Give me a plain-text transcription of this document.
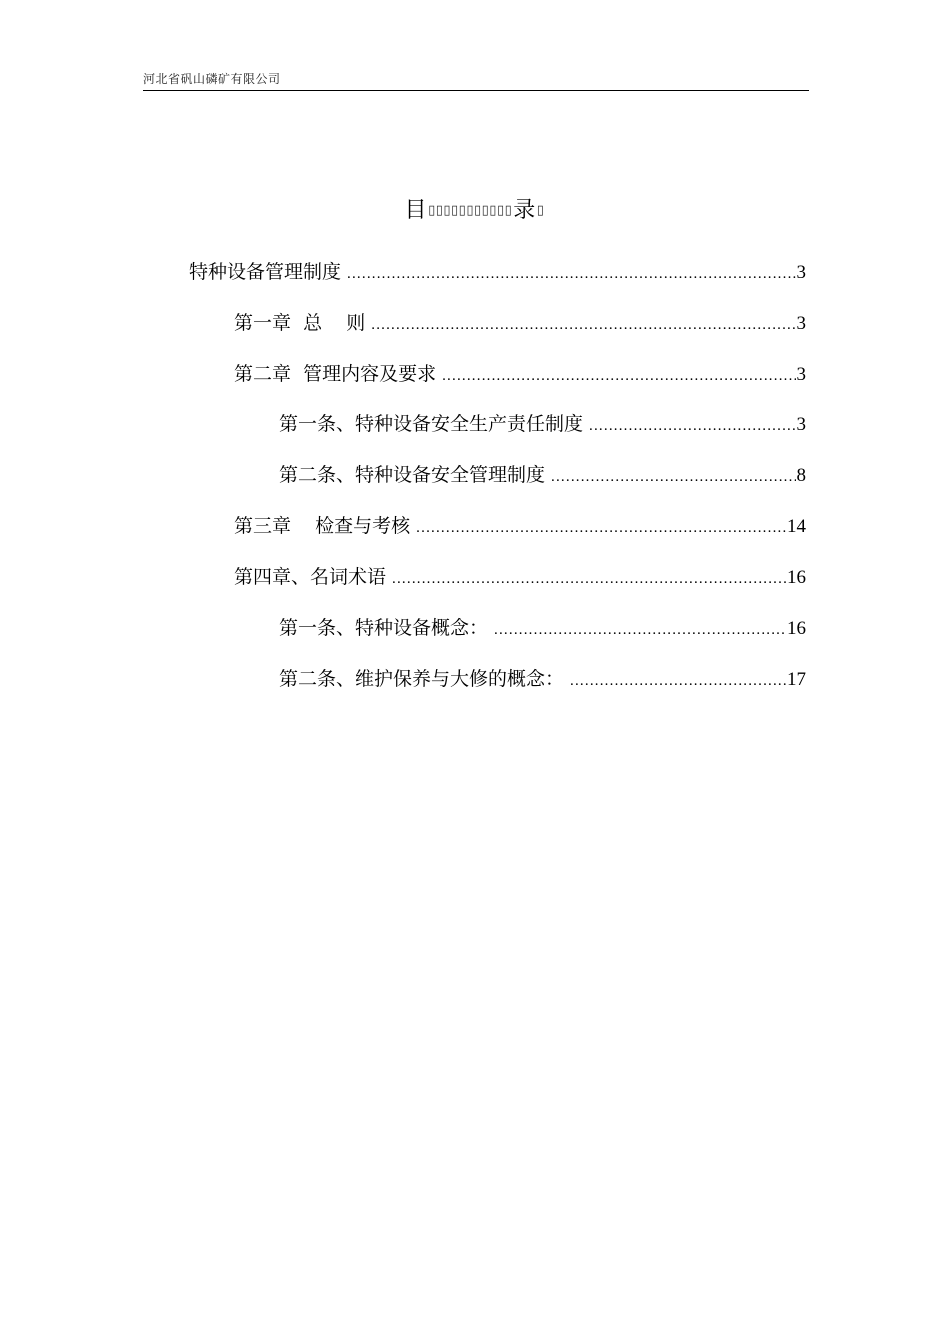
河北省矾山磷矿有限公司
目▯▯▯▯▯▯▯▯▯▯▯录▯
特种设备管理制度 .....	3
第一章  总    则 .....	3
第二章  管理内容及要求 .....	3
第一条、特种设备安全生产责任制度 .....	3
第二条、特种设备安全管理制度 .....	8
第三章    检查与考核 .....	14
第四章、名词术语 .....	16
第一条、特种设备概念： .....	16
第二条、维护保养与大修的概念： .....	17
